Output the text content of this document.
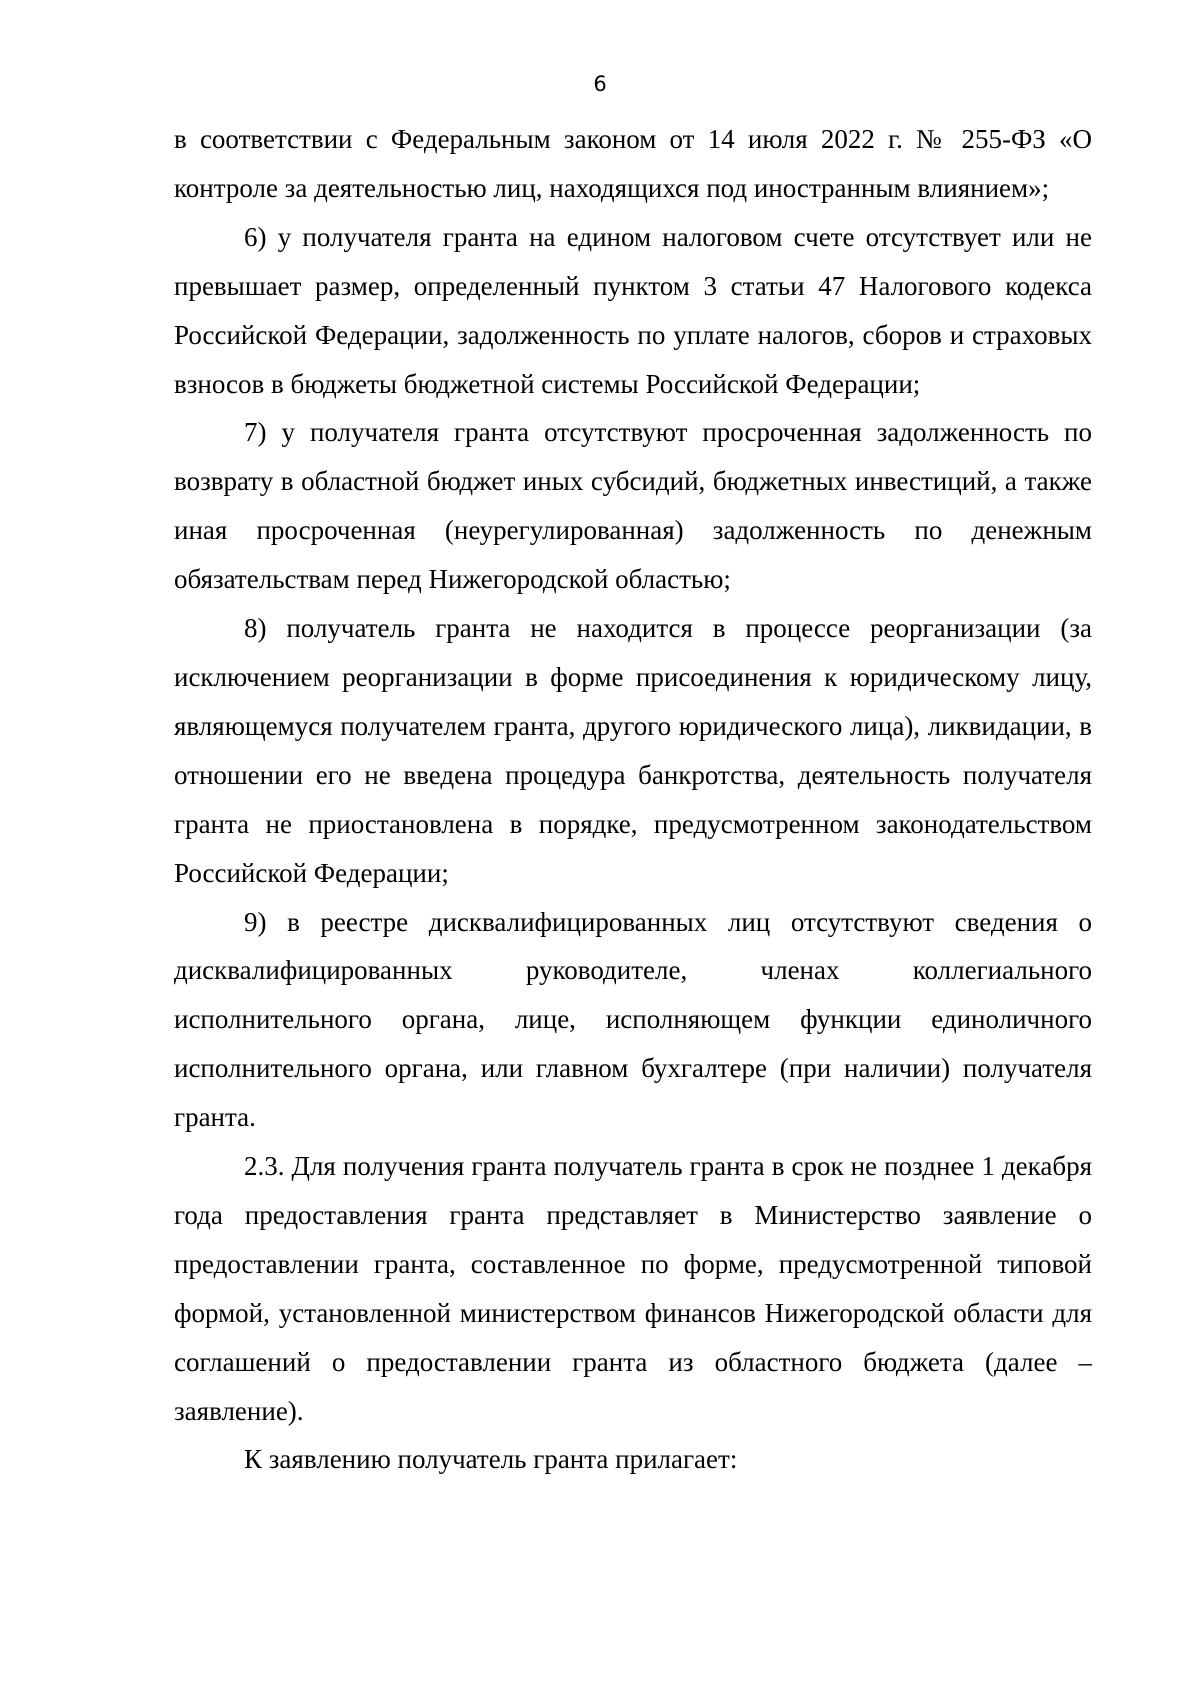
6

в соответствии с Федеральным законом от 14 июля 2022 г. № 255-ФЗ «О контроле за деятельностью лиц, находящихся под иностранным влиянием»;

6) у получателя гранта на едином налоговом счете отсутствует или не превышает размер, определенный пунктом 3 статьи 47 Налогового кодекса Российской Федерации, задолженность по уплате налогов, сборов и страховых взносов в бюджеты бюджетной системы Российской Федерации;

7) у получателя гранта отсутствуют просроченная задолженность по возврату в областной бюджет иных субсидий, бюджетных инвестиций, а также иная просроченная (неурегулированная) задолженность по денежным обязательствам перед Нижегородской областью;

8) получатель гранта не находится в процессе реорганизации (за исключением реорганизации в форме присоединения к юридическому лицу, являющемуся получателем гранта, другого юридического лица), ликвидации, в отношении его не введена процедура банкротства, деятельность получателя гранта не приостановлена в порядке, предусмотренном законодательством Российской Федерации;

9) в реестре дисквалифицированных лиц отсутствуют сведения о дисквалифицированных руководителе, членах коллегиального исполнительного органа, лице, исполняющем функции единоличного исполнительного органа, или главном бухгалтере (при наличии) получателя гранта.

2.3. Для получения гранта получатель гранта в срок не позднее 1 декабря года предоставления гранта представляет в Министерство заявление о предоставлении гранта, составленное по форме, предусмотренной типовой формой, установленной министерством финансов Нижегородской области для соглашений о предоставлении гранта из областного бюджета (далее – заявление).

К заявлению получатель гранта прилагает:
